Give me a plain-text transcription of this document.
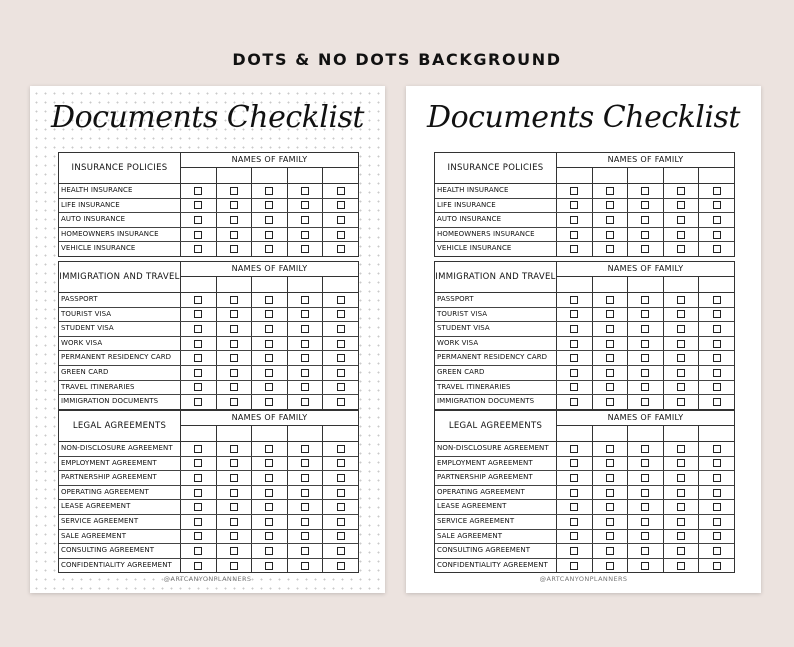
DOTS & NO DOTS BACKGROUND
Documents Checklist
INSURANCE POLICIES
NAMES OF FAMILY
HEALTH INSURANCE
LIFE INSURANCE
AUTO INSURANCE
HOMEOWNERS INSURANCE
VEHICLE INSURANCE
IMMIGRATION AND TRAVEL
NAMES OF FAMILY
PASSPORT
TOURIST VISA
STUDENT VISA
WORK VISA
PERMANENT RESIDENCY CARD
GREEN CARD
TRAVEL ITINERARIES
IMMIGRATION DOCUMENTS
LEGAL AGREEMENTS
NAMES OF FAMILY
NON-DISCLOSURE AGREEMENT
EMPLOYMENT AGREEMENT
PARTNERSHIP AGREEMENT
OPERATING AGREEMENT
LEASE AGREEMENT
SERVICE AGREEMENT
SALE AGREEMENT
CONSULTING AGREEMENT
CONFIDENTIALITY AGREEMENT
@ARTCANYONPLANNERS
Documents Checklist
INSURANCE POLICIES
NAMES OF FAMILY
HEALTH INSURANCE
LIFE INSURANCE
AUTO INSURANCE
HOMEOWNERS INSURANCE
VEHICLE INSURANCE
IMMIGRATION AND TRAVEL
NAMES OF FAMILY
PASSPORT
TOURIST VISA
STUDENT VISA
WORK VISA
PERMANENT RESIDENCY CARD
GREEN CARD
TRAVEL ITINERARIES
IMMIGRATION DOCUMENTS
LEGAL AGREEMENTS
NAMES OF FAMILY
NON-DISCLOSURE AGREEMENT
EMPLOYMENT AGREEMENT
PARTNERSHIP AGREEMENT
OPERATING AGREEMENT
LEASE AGREEMENT
SERVICE AGREEMENT
SALE AGREEMENT
CONSULTING AGREEMENT
CONFIDENTIALITY AGREEMENT
@ARTCANYONPLANNERS
